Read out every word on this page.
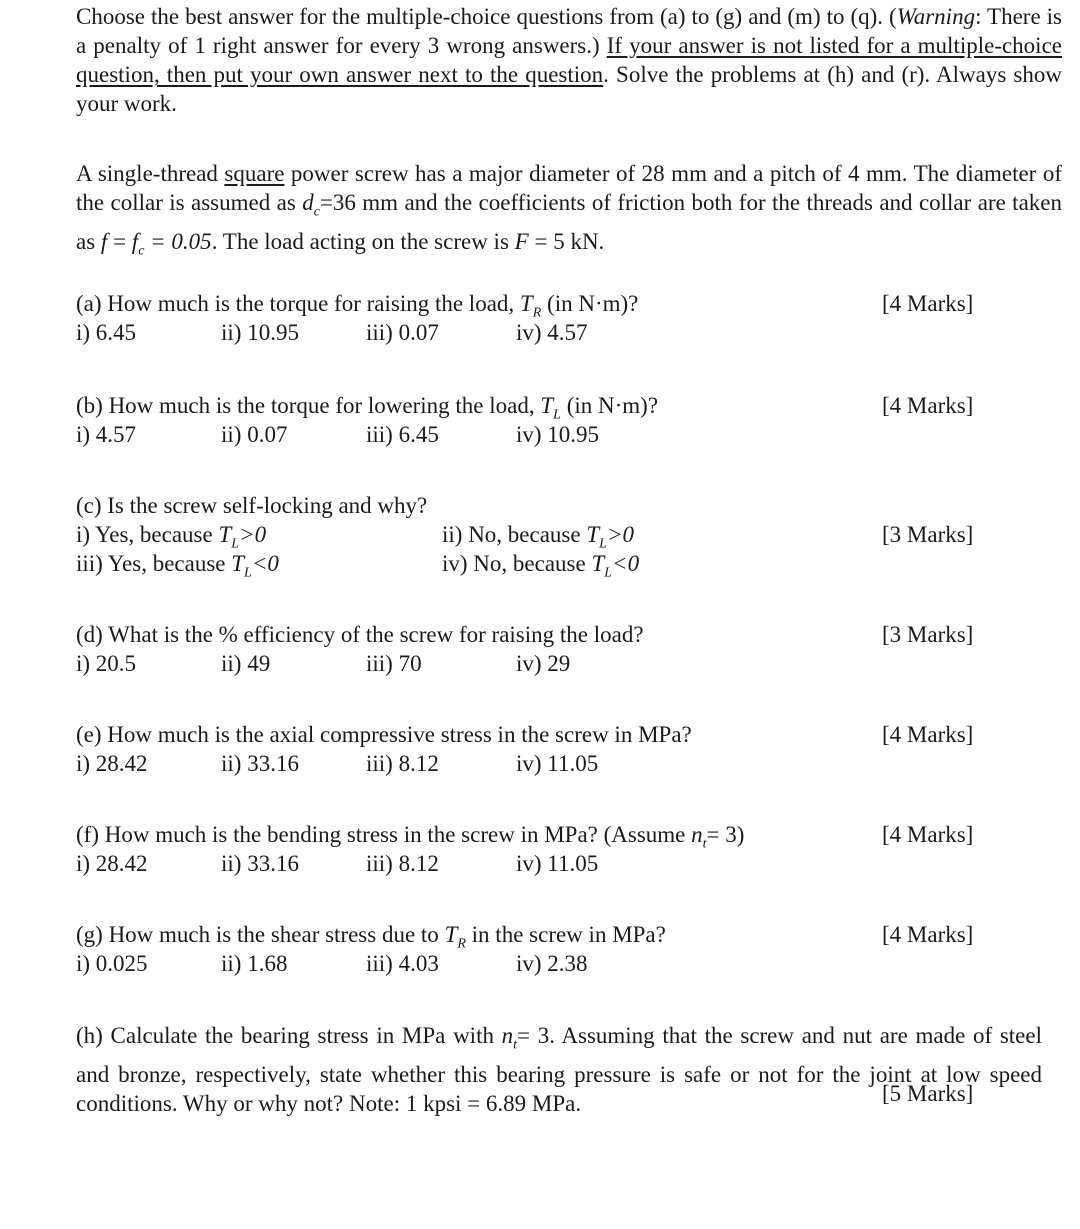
Choose the best answer for the multiple-choice questions from (a) to (g) and (m) to (q). (Warning: There is a penalty of 1 right answer for every 3 wrong answers.) If your answer is not listed for a multiple-choice question, then put your own answer next to the question. Solve the problems at (h) and (r). Always show your work.

A single-thread square power screw has a major diameter of 28 mm and a pitch of 4 mm. The diameter of the collar is assumed as $d_c=36$ mm and the coefficients of friction both for the threads and collar are taken as $f = f_c = 0.05$. The load acting on the screw is F = 5 kN.

(a) How much is the torque for raising the load, $T_R$ (in N·m)?
i) 6.45	ii) 10.95	iii) 0.07	iv) 4.57
[4 Marks]
(b) How much is the torque for lowering the load, $T_L$ (in N·m)?
i) 4.57	ii) 0.07	iii) 6.45	iv) 10.95
[4 Marks]
(c) Is the screw self-locking and why?
i) Yes, because $T_L>0$	ii) No, because $T_L>0$
iii) Yes, because $T_L<0$	iv) No, because $T_L<0$
[3 Marks]
(d) What is the % efficiency of the screw for raising the load?
i) 20.5	ii) 49	iii) 70	iv) 29
[3 Marks]
(e) How much is the axial compressive stress in the screw in MPa?
i) 28.42	ii) 33.16	iii) 8.12	iv) 11.05
[4 Marks]
(f) How much is the bending stress in the screw in MPa? (Assume $n_t= 3$)
i) 28.42	ii) 33.16	iii) 8.12	iv) 11.05
[4 Marks]
(g) How much is the shear stress due to $T_R$ in the screw in MPa?
i) 0.025	ii) 1.68	iii) 4.03	iv) 2.38
[4 Marks]
(h) Calculate the bearing stress in MPa with $n_t= 3$. Assuming that the screw and nut are made of steel and bronze, respectively, state whether this bearing pressure is safe or not for the joint at low speed conditions. Why or why not? Note: 1 kpsi = 6.89 MPa.	[5 Marks]
